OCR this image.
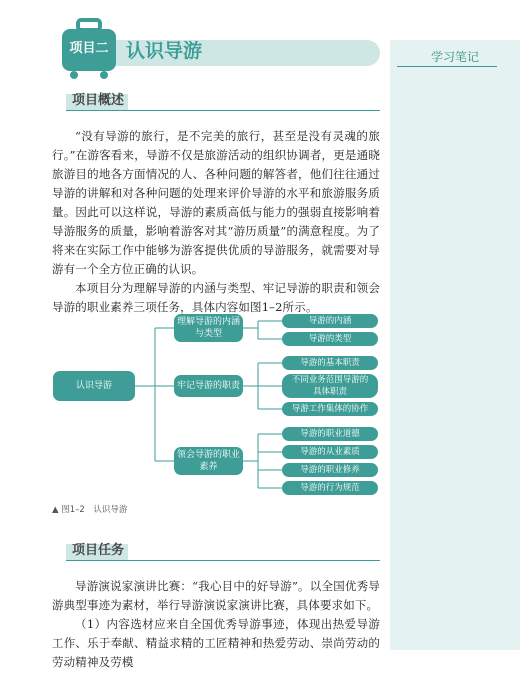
学习笔记
项目二 认识导游
项目概述

“没有导游的旅行，是不完美的旅行，甚至是没有灵魂的旅行。”在游客看来，导游不仅是旅游活动的组织协调者，更是通晓旅游目的地各方面情况的人、各种问题的解答者，他们往往通过导游的讲解和对各种问题的处理来评价导游的水平和旅游服务质量。因此可以这样说，导游的素质高低与能力的强弱直接影响着导游服务的质量，影响着游客对其“游历质量”的满意程度。为了将来在实际工作中能够为游客提供优质的导游服务，就需要对导游有一个全方位正确的认识。

本项目分为理解导游的内涵与类型、牢记导游的职责和领会导游的职业素养三项任务，具体内容如图1–2所示。

认识导游
理解导游的内涵与类型
牢记导游的职责
领会导游的职业素养
导游的内涵
导游的类型
导游的基本职责
不同业务范围导游的具体职责
导游工作集体的协作
导游的职业道德
导游的从业素质
导游的职业修养
导游的行为规范
▲ 图1–2　认识导游
项目任务

导游演说家演讲比赛：“我心目中的好导游”。以全国优秀导游典型事迹为素材，举行导游演说家演讲比赛，具体要求如下。

（1）内容选材应来自全国优秀导游事迹，体现出热爱导游工作、乐于奉献、精益求精的工匠精神和热爱劳动、崇尚劳动的劳动精神及劳模
